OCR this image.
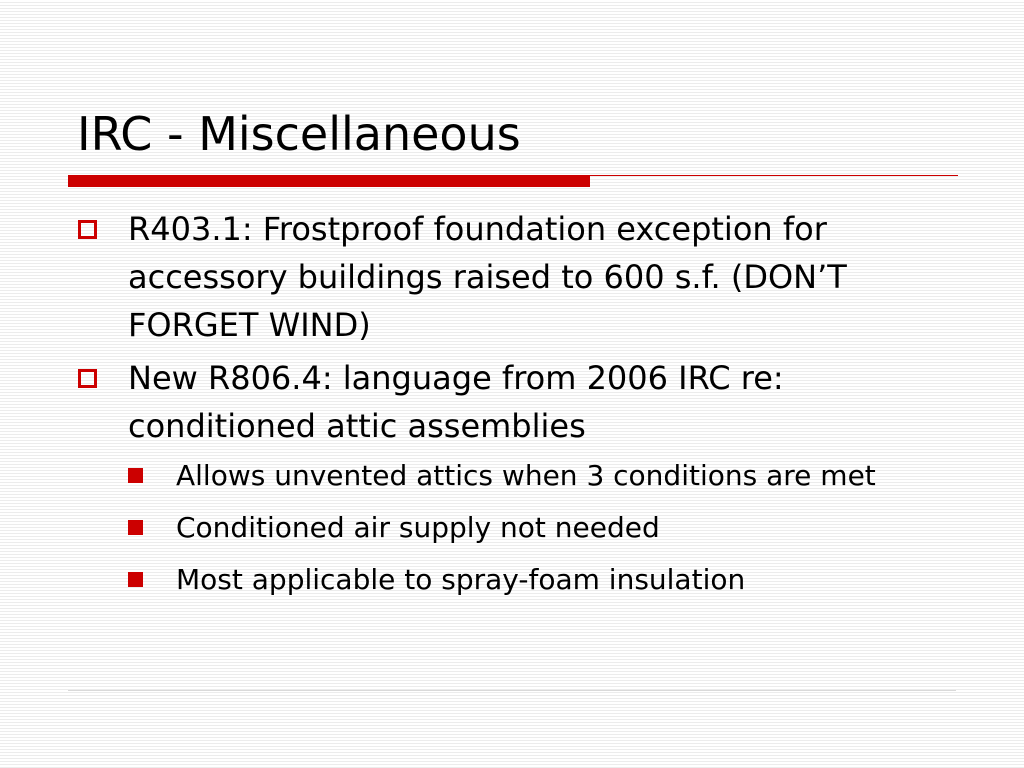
IRC - Miscellaneous

R403.1: Frostproof foundation exception for accessory buildings raised to 600 s.f. (DON’T FORGET WIND)

New R806.4: language from 2006 IRC re: conditioned attic assemblies

Allows unvented attics when 3 conditions are met

Conditioned air supply not needed

Most applicable to spray-foam insulation
